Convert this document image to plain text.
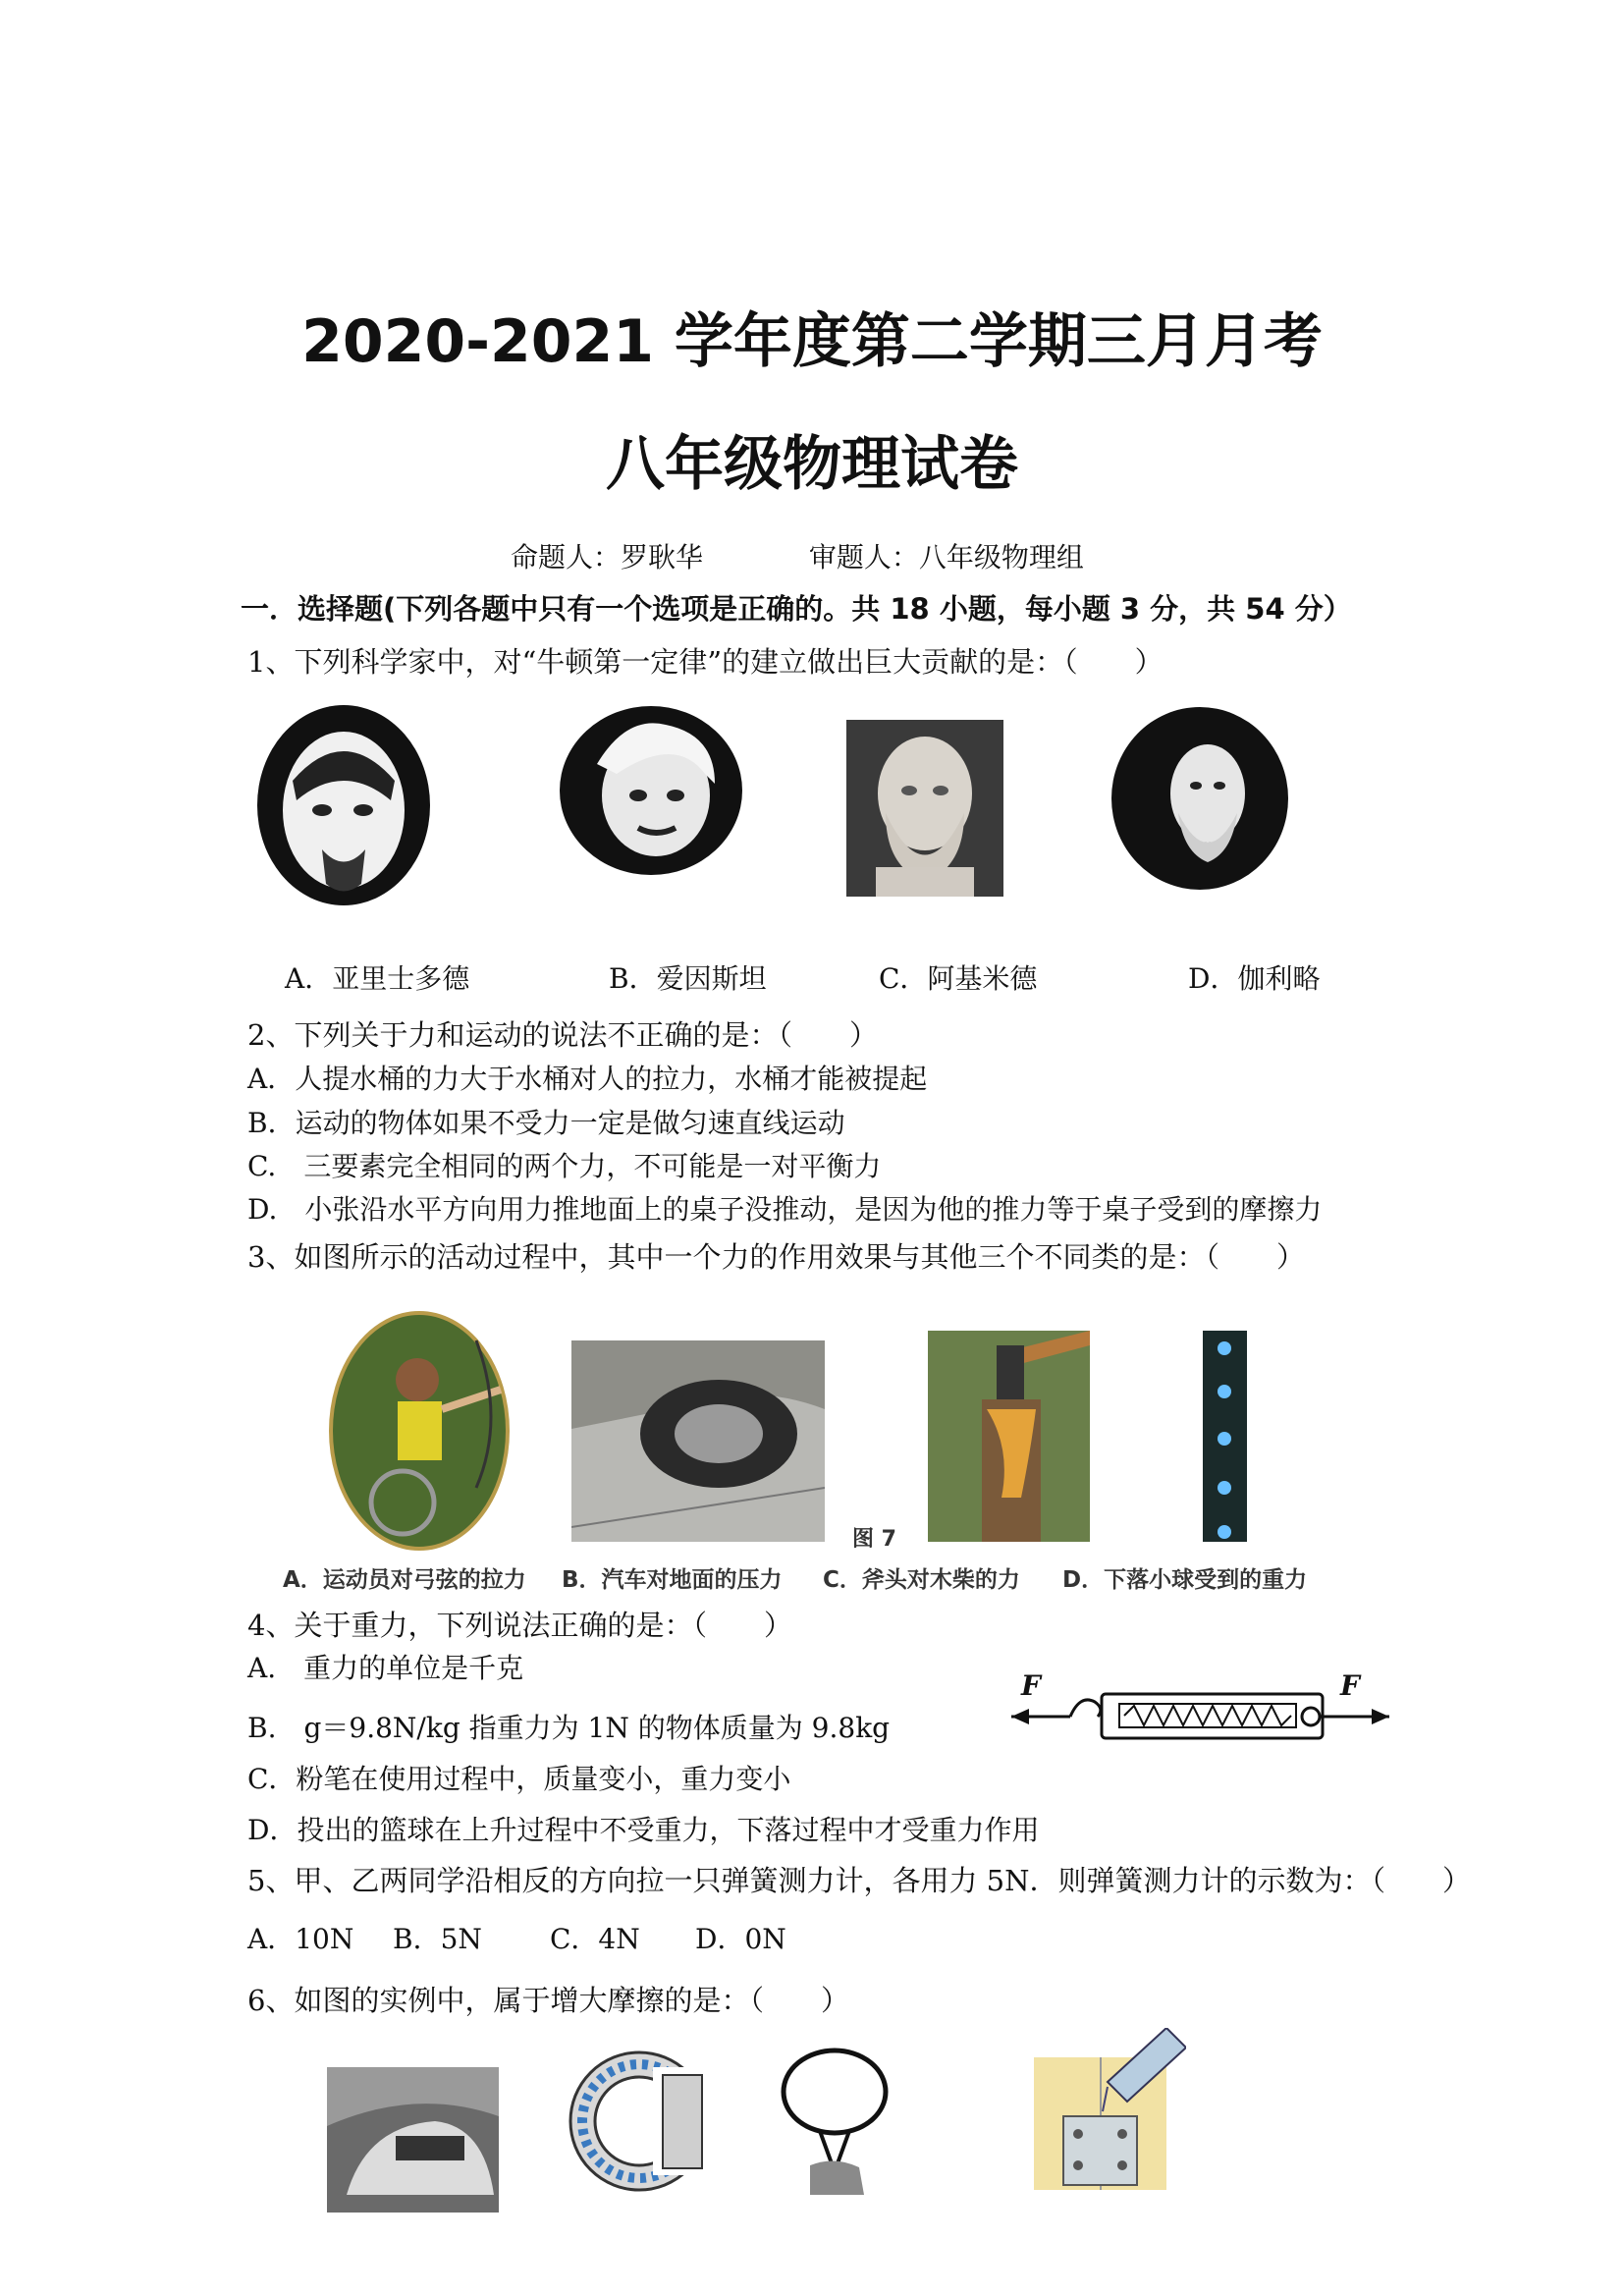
2020-2021 学年度第二学期三月月考
八年级物理试卷
命题人：罗耿华	审题人：八年级物理组
一．选择题(下列各题中只有一个选项是正确的。共 18 小题，每小题 3 分，共 54 分）
1、下列科学家中，对“牛顿第一定律”的建立做出巨大贡献的是：（　　）
A．亚里士多德	B．爱因斯坦	C．阿基米德	D．伽利略
2、下列关于力和运动的说法不正确的是：（　　）
A．人提水桶的力大于水桶对人的拉力，水桶才能被提起
B．运动的物体如果不受力一定是做匀速直线运动
C.　三要素完全相同的两个力，不可能是一对平衡力
D.　小张沿水平方向用力推地面上的桌子没推动，是因为他的推力等于桌子受到的摩擦力
3、如图所示的活动过程中，其中一个力的作用效果与其他三个不同类的是：（　　）
图 7
A．运动员对弓弦的拉力 B．汽车对地面的压力 C．斧头对木柴的力 D．下落小球受到的重力
4、关于重力，下列说法正确的是：（　　）
A.　重力的单位是千克
B.　g＝9.8N/kg 指重力为 1N 的物体质量为 9.8kg
C．粉笔在使用过程中，质量变小，重力变小
D．投出的篮球在上升过程中不受重力，下落过程中才受重力作用
F	F
5、甲、乙两同学沿相反的方向拉一只弹簧测力计，各用力 5N．则弹簧测力计的示数为：（　　）
A．10N B．5N C．4N D．0N
6、如图的实例中，属于增大摩擦的是：（　　）
